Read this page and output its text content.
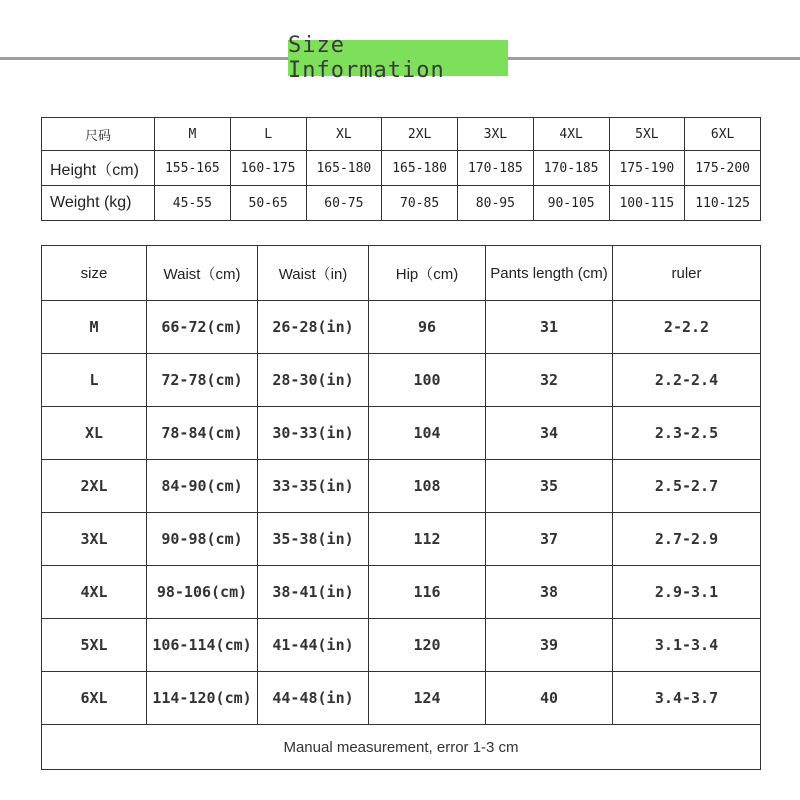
Size Information
尺码	M	L	XL	2XL	3XL	4XL	5XL	6XL
Height（cm)	155-165	160-175	165-180	165-180	170-185	170-185	175-190	175-200
Weight (kg)	45-55	50-65	60-75	70-85	80-95	90-105	100-115	110-125
size	Waist（cm)	Waist（in)	Hip（cm)	Pants length (cm)	ruler
M	66-72(cm)	26-28(in)	96	31	2-2.2
L	72-78(cm)	28-30(in)	100	32	2.2-2.4
XL	78-84(cm)	30-33(in)	104	34	2.3-2.5
2XL	84-90(cm)	33-35(in)	108	35	2.5-2.7
3XL	90-98(cm)	35-38(in)	112	37	2.7-2.9
4XL	98-106(cm)	38-41(in)	116	38	2.9-3.1
5XL	106-114(cm)	41-44(in)	120	39	3.1-3.4
6XL	114-120(cm)	44-48(in)	124	40	3.4-3.7
Manual measurement, error 1-3 cm					
